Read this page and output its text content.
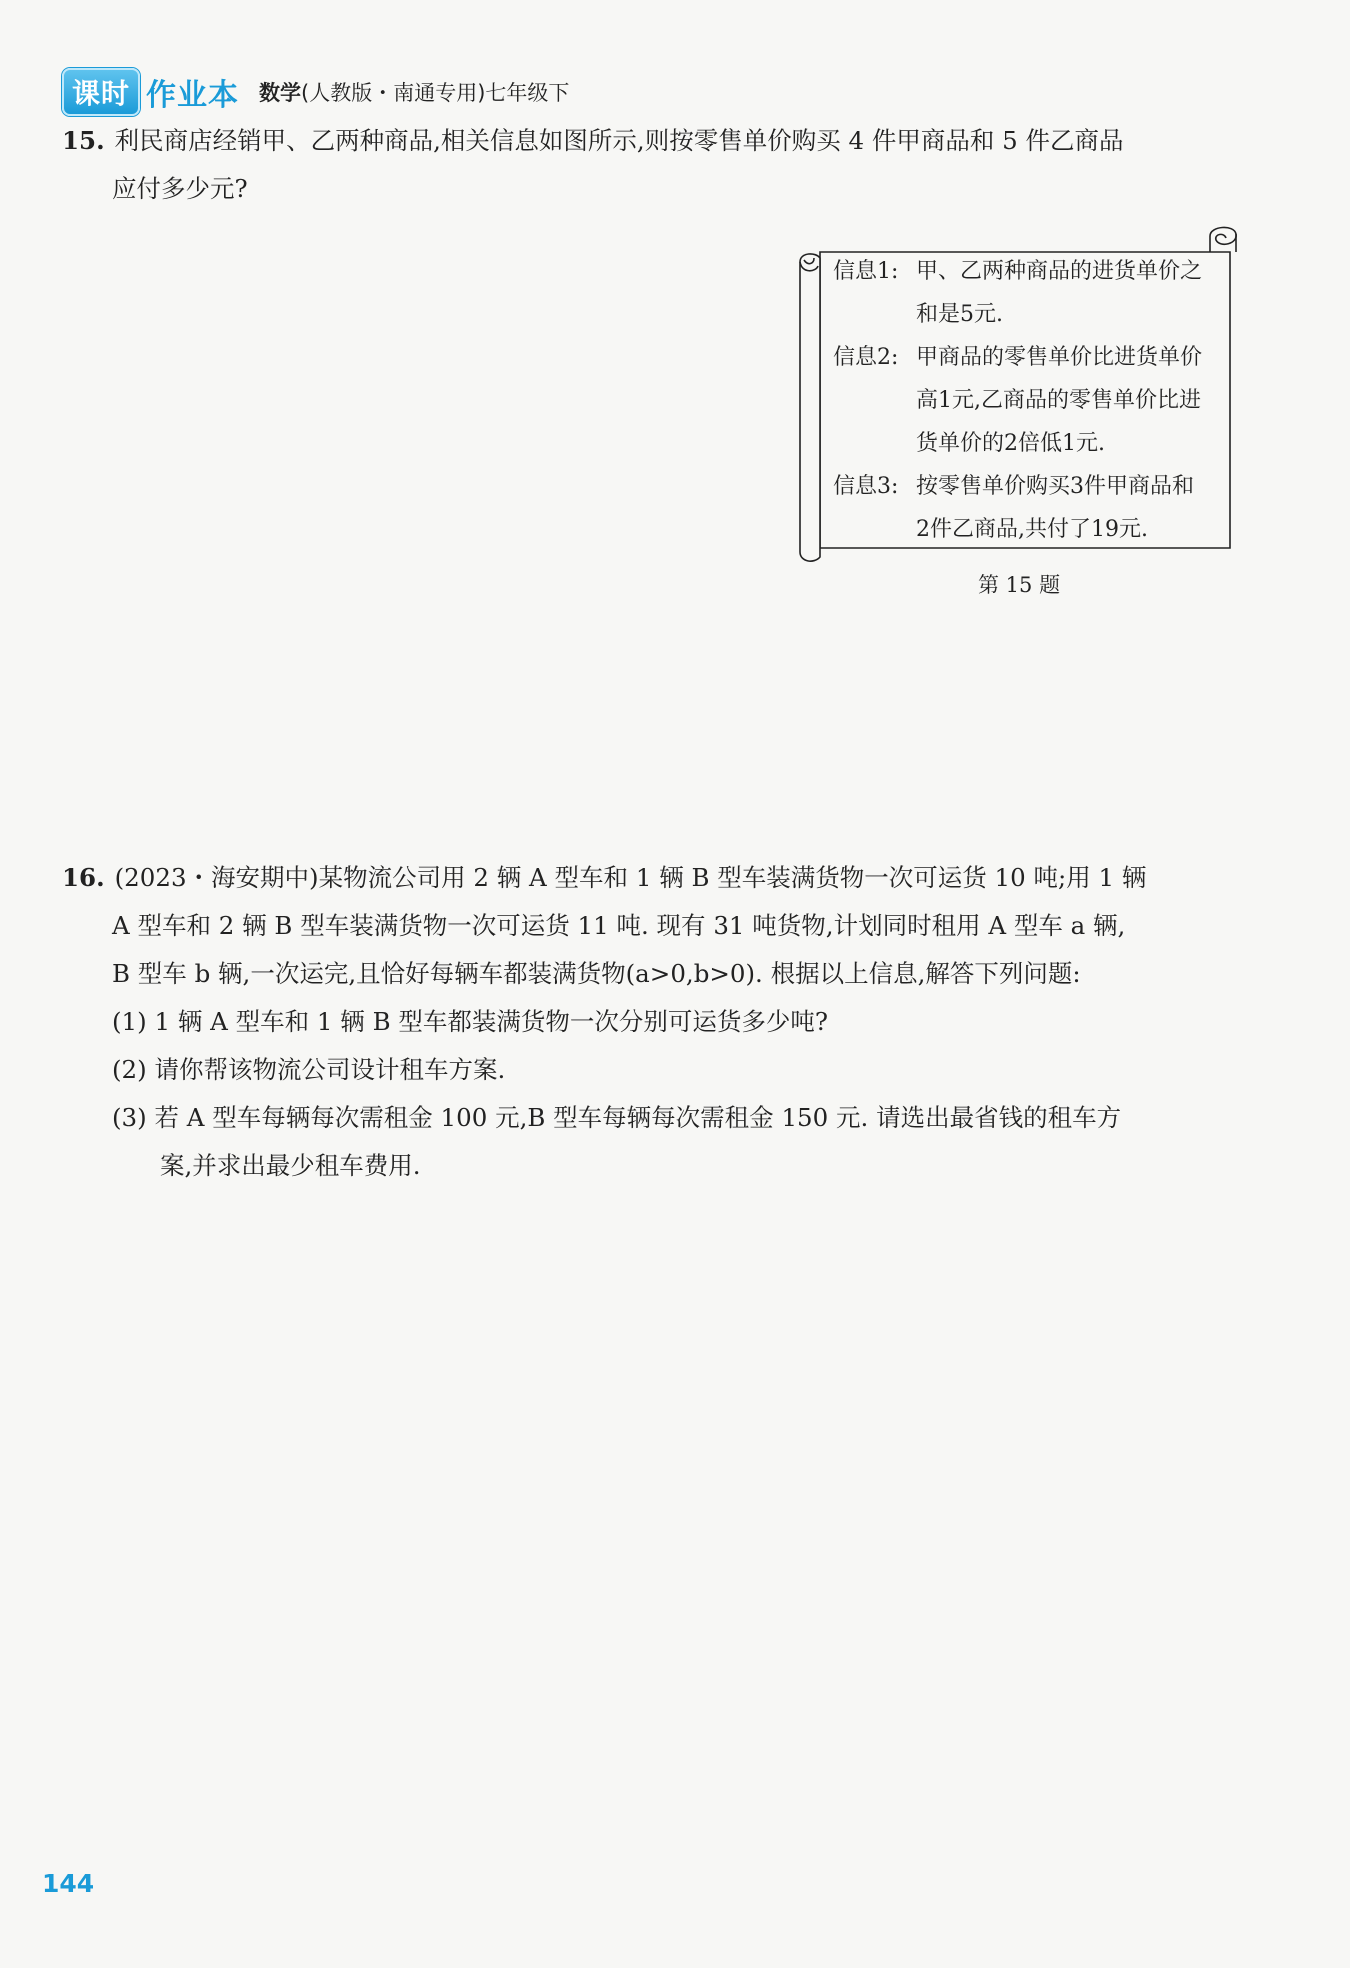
课时 作业本 数学(人教版・南通专用)七年级下
15. 利民商店经销甲、乙两种商品,相关信息如图所示,则按零售单价购买 4 件甲商品和 5 件乙商品
应付多少元?
信息1: 甲、乙两种商品的进货单价之
和是5元.
信息2: 甲商品的零售单价比进货单价
高1元,乙商品的零售单价比进
货单价的2倍低1元.
信息3: 按零售单价购买3件甲商品和
2件乙商品,共付了19元.
第 15 题
16. (2023・海安期中)某物流公司用 2 辆 A 型车和 1 辆 B 型车装满货物一次可运货 10 吨;用 1 辆
A 型车和 2 辆 B 型车装满货物一次可运货 11 吨. 现有 31 吨货物,计划同时租用 A 型车 a 辆,
B 型车 b 辆,一次运完,且恰好每辆车都装满货物(a>0,b>0). 根据以上信息,解答下列问题:
(1) 1 辆 A 型车和 1 辆 B 型车都装满货物一次分别可运货多少吨?
(2) 请你帮该物流公司设计租车方案.
(3) 若 A 型车每辆每次需租金 100 元,B 型车每辆每次需租金 150 元. 请选出最省钱的租车方
案,并求出最少租车费用.
144
